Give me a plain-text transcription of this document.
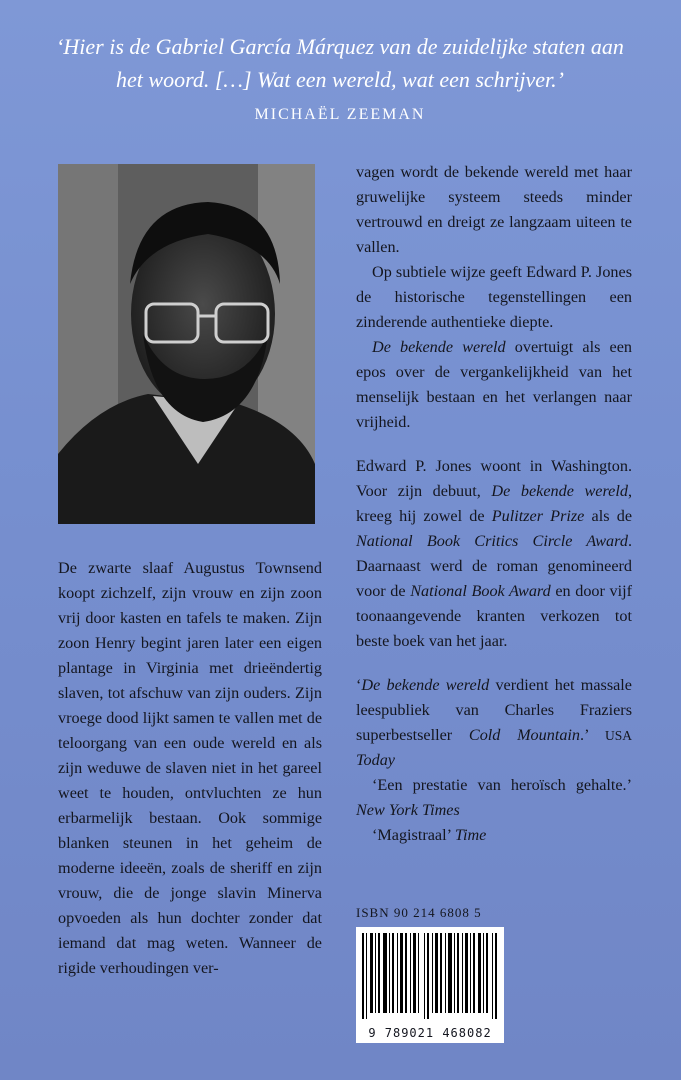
‘Hier is de Gabriel García Márquez van de zuidelijke staten aan het woord. […] Wat een wereld, wat een schrijver.’
MICHAËL ZEEMAN

De zwarte slaaf Augustus Townsend koopt zichzelf, zijn vrouw en zijn zoon vrij door kasten en tafels te maken. Zijn zoon Henry begint jaren later een eigen plantage in Virginia met drieëndertig slaven, tot afschuw van zijn ouders. Zijn vroege dood lijkt samen te vallen met de teloorgang van een oude wereld en als zijn weduwe de slaven niet in het gareel weet te houden, ontvluchten ze hun erbarmelijk bestaan. Ook sommige blanken steunen in het geheim de moderne ideeën, zoals de sheriff en zijn vrouw, die de jonge slavin Minerva opvoeden als hun dochter zonder dat iemand dat mag weten. Wanneer de rigide verhoudingen ver-

vagen wordt de bekende wereld met haar gruwelijke systeem steeds minder vertrouwd en dreigt ze langzaam uiteen te vallen.

Op subtiele wijze geeft Edward P. Jones de historische tegenstellingen een zinderende authentieke diepte.

De bekende wereld overtuigt als een epos over de vergankelijkheid van het menselijk bestaan en het verlangen naar vrijheid.

Edward P. Jones woont in Washington. Voor zijn debuut, De bekende wereld, kreeg hij zowel de Pulitzer Prize als de National Book Critics Circle Award. Daarnaast werd de roman genomineerd voor de National Book Award en door vijf toonaangevende kranten verkozen tot beste boek van het jaar.

‘De bekende wereld verdient het massale leespubliek van Charles Fraziers superbestseller Cold Mountain.’ USA Today

‘Een prestatie van heroïsch gehalte.’ New York Times

‘Magistraal’ Time

ISBN 90 214 6808 5
9 789021 468082
